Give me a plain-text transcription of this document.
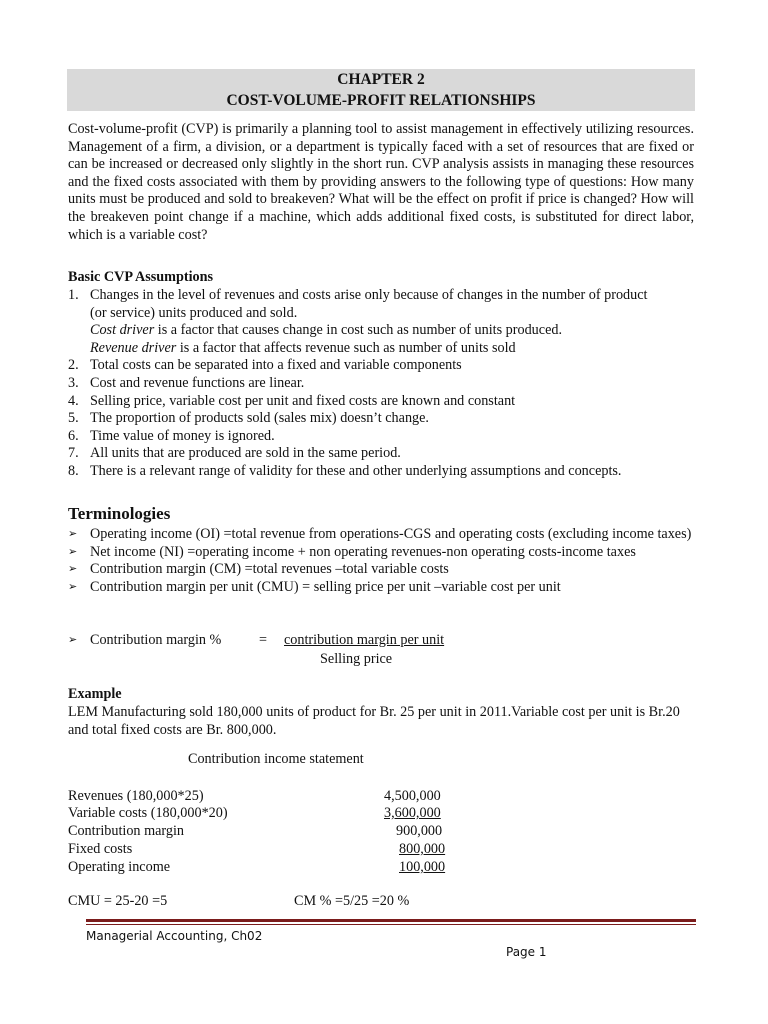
CHAPTER 2
COST-VOLUME-PROFIT RELATIONSHIPS
Cost-volume-profit (CVP) is primarily a planning tool to assist management in effectively utilizing resources. Management of a firm, a division, or a department is typically faced with a set of resources that are fixed or can be increased or decreased only slightly in the short run. CVP analysis assists in managing these resources and the fixed costs associated with them by providing answers to the following type of questions: How many units must be produced and sold to breakeven? What will be the effect on profit if price is changed? How will the breakeven point change if a machine, which adds additional fixed costs, is substituted for direct labor, which is a variable cost?
Basic CVP Assumptions
1. Changes in the level of revenues and costs arise only because of changes in the number of product
(or service) units produced and sold.
Cost driver is a factor that causes change in cost such as number of units produced.
Revenue driver is a factor that affects revenue such as number of units sold
2. Total costs can be separated into a fixed and variable components
3. Cost and revenue functions are linear.
4. Selling price, variable cost per unit and fixed costs are known and constant
5. The proportion of products sold (sales mix) doesn’t change.
6. Time value of money is ignored.
7. All units that are produced are sold in the same period.
8. There is a relevant range of validity for these and other underlying assumptions and concepts.
Terminologies
➢ Operating income (OI) =total revenue from operations-CGS and operating costs (excluding income taxes)
➢ Net income (NI) =operating income + non operating revenues-non operating costs-income taxes
➢ Contribution margin (CM) =total revenues –total variable costs
➢ Contribution margin per unit (CMU) = selling price per unit –variable cost per unit
➢ Contribution margin %	= contribution margin per unit
Selling price
Example
LEM Manufacturing sold 180,000 units of product for Br. 25 per unit in 2011.Variable cost per unit is Br.20 and total fixed costs are Br. 800,000.
Contribution income statement
Revenues (180,000*25)	4,500,000
Variable costs (180,000*20)	3,600,000
Contribution margin	900,000
Fixed costs	800,000
Operating income	100,000
CMU = 25-20 =5	CM % =5/25 =20 %
Managerial Accounting, Ch02
Page 1
